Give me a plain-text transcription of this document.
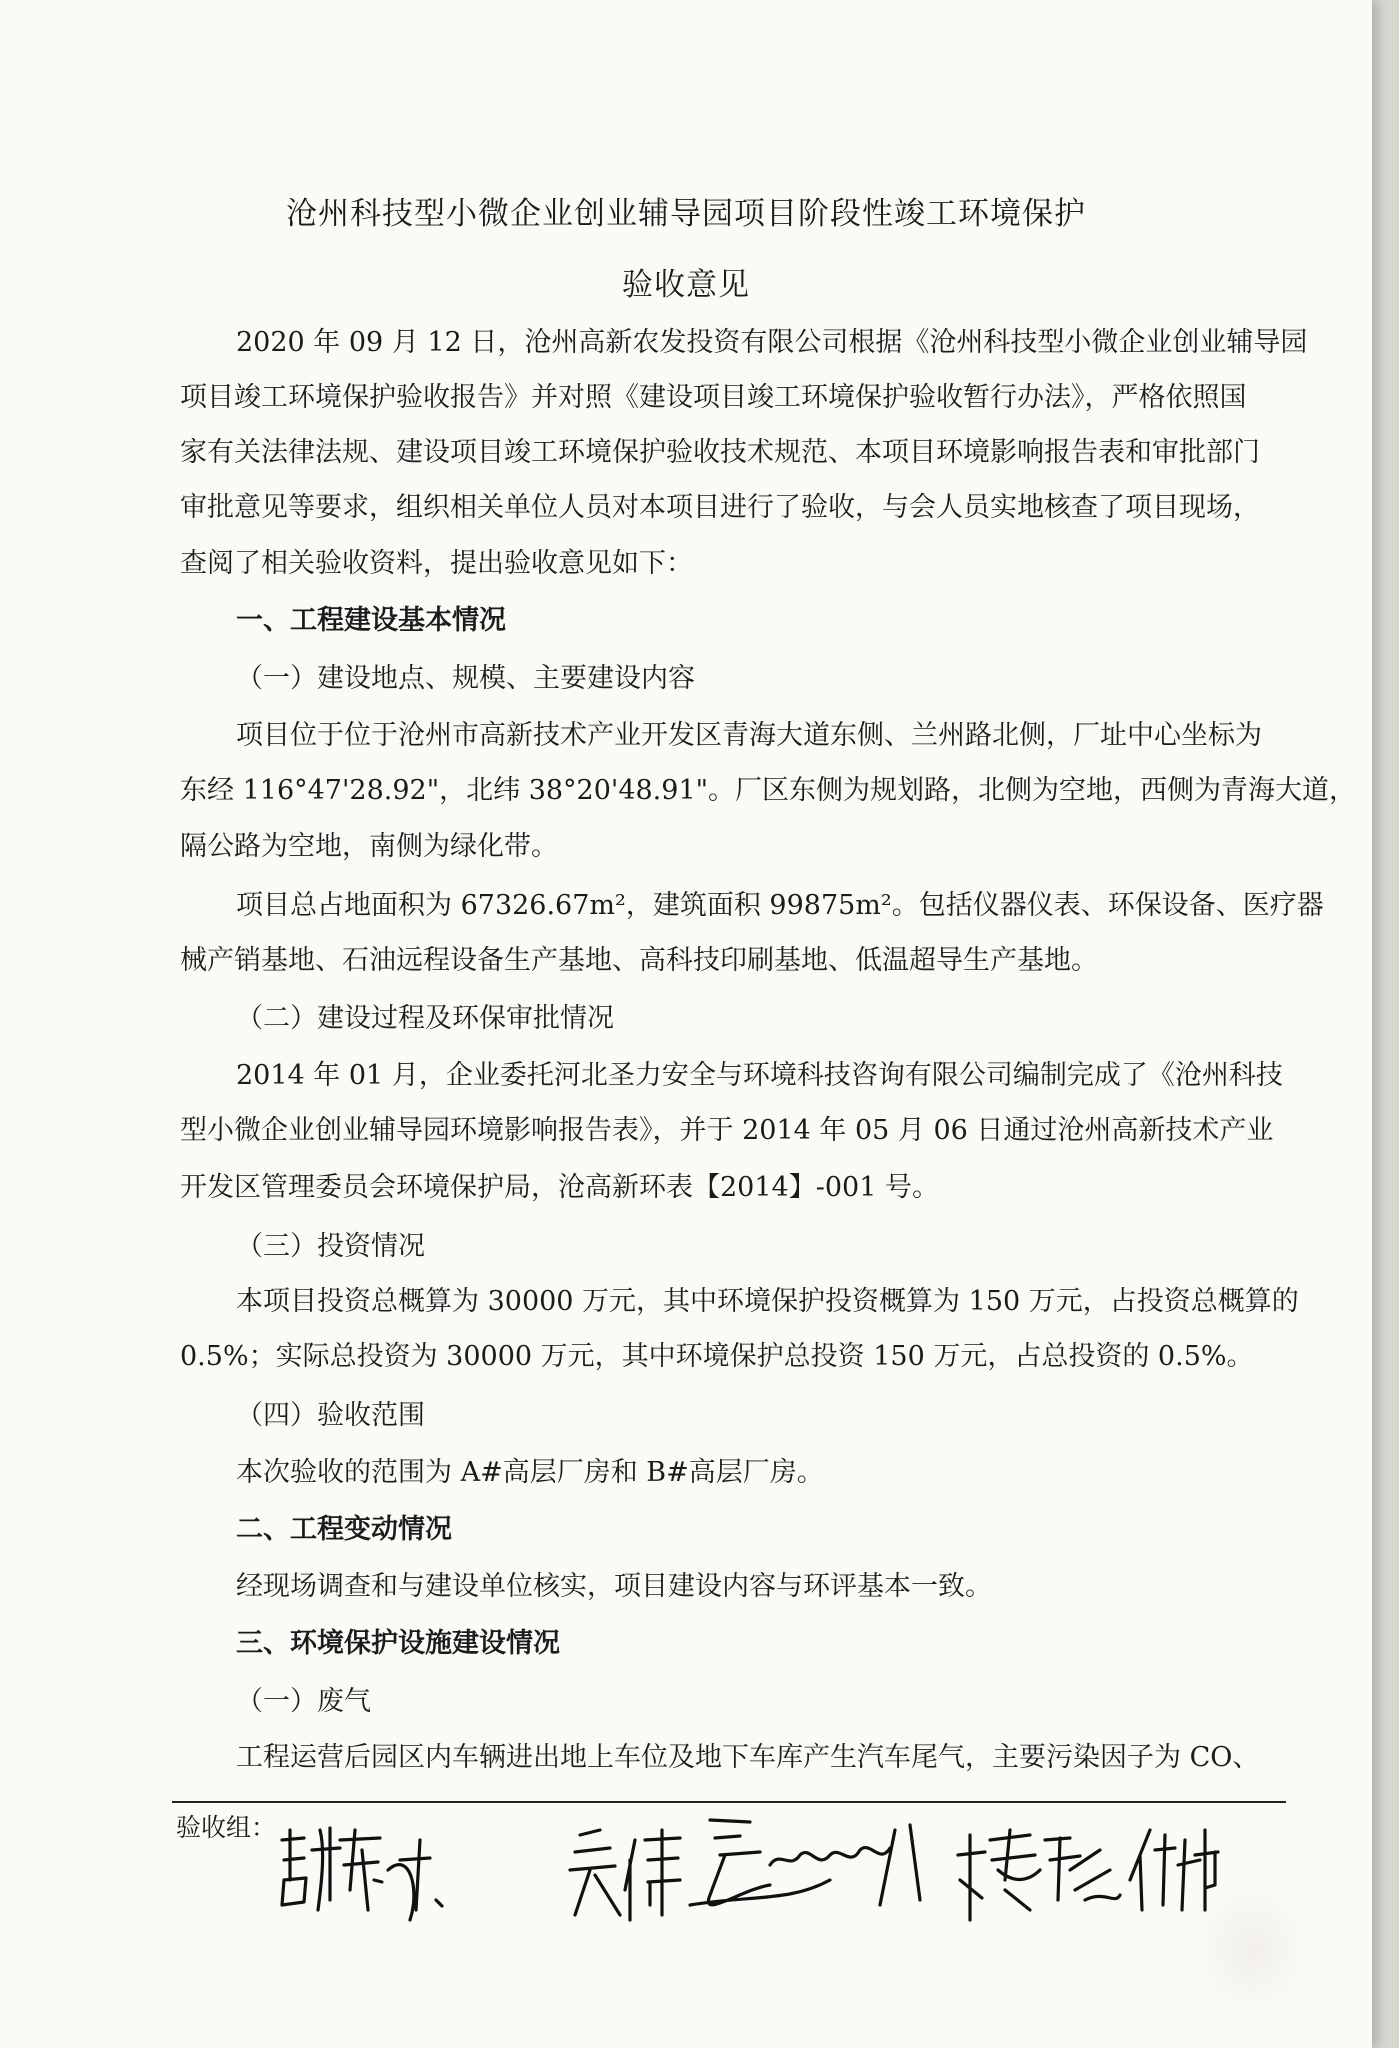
沧州科技型小微企业创业辅导园项目阶段性竣工环境保护
验收意见
2020 年 09 月 12 日，沧州高新农发投资有限公司根据《沧州科技型小微企业创业辅导园
项目竣工环境保护验收报告》并对照《建设项目竣工环境保护验收暂行办法》，严格依照国
家有关法律法规、建设项目竣工环境保护验收技术规范、本项目环境影响报告表和审批部门
审批意见等要求，组织相关单位人员对本项目进行了验收，与会人员实地核查了项目现场，
查阅了相关验收资料，提出验收意见如下：
一、工程建设基本情况
（一）建设地点、规模、主要建设内容
项目位于位于沧州市高新技术产业开发区青海大道东侧、兰州路北侧，厂址中心坐标为
东经 116°47'28.92"，北纬 38°20'48.91"。厂区东侧为规划路，北侧为空地，西侧为青海大道，
隔公路为空地，南侧为绿化带。
项目总占地面积为 67326.67m²，建筑面积 99875m²。包括仪器仪表、环保设备、医疗器
械产销基地、石油远程设备生产基地、高科技印刷基地、低温超导生产基地。
（二）建设过程及环保审批情况
2014 年 01 月，企业委托河北圣力安全与环境科技咨询有限公司编制完成了《沧州科技
型小微企业创业辅导园环境影响报告表》，并于 2014 年 05 月 06 日通过沧州高新技术产业
开发区管理委员会环境保护局，沧高新环表【2014】-001 号。
（三）投资情况
本项目投资总概算为 30000 万元，其中环境保护投资概算为 150 万元，占投资总概算的
0.5%；实际总投资为 30000 万元，其中环境保护总投资 150 万元，占总投资的 0.5%。
（四）验收范围
本次验收的范围为 A#高层厂房和 B#高层厂房。
二、工程变动情况
经现场调查和与建设单位核实，项目建设内容与环评基本一致。
三、环境保护设施建设情况
（一）废气
工程运营后园区内车辆进出地上车位及地下车库产生汽车尾气，主要污染因子为 CO、
验收组：
